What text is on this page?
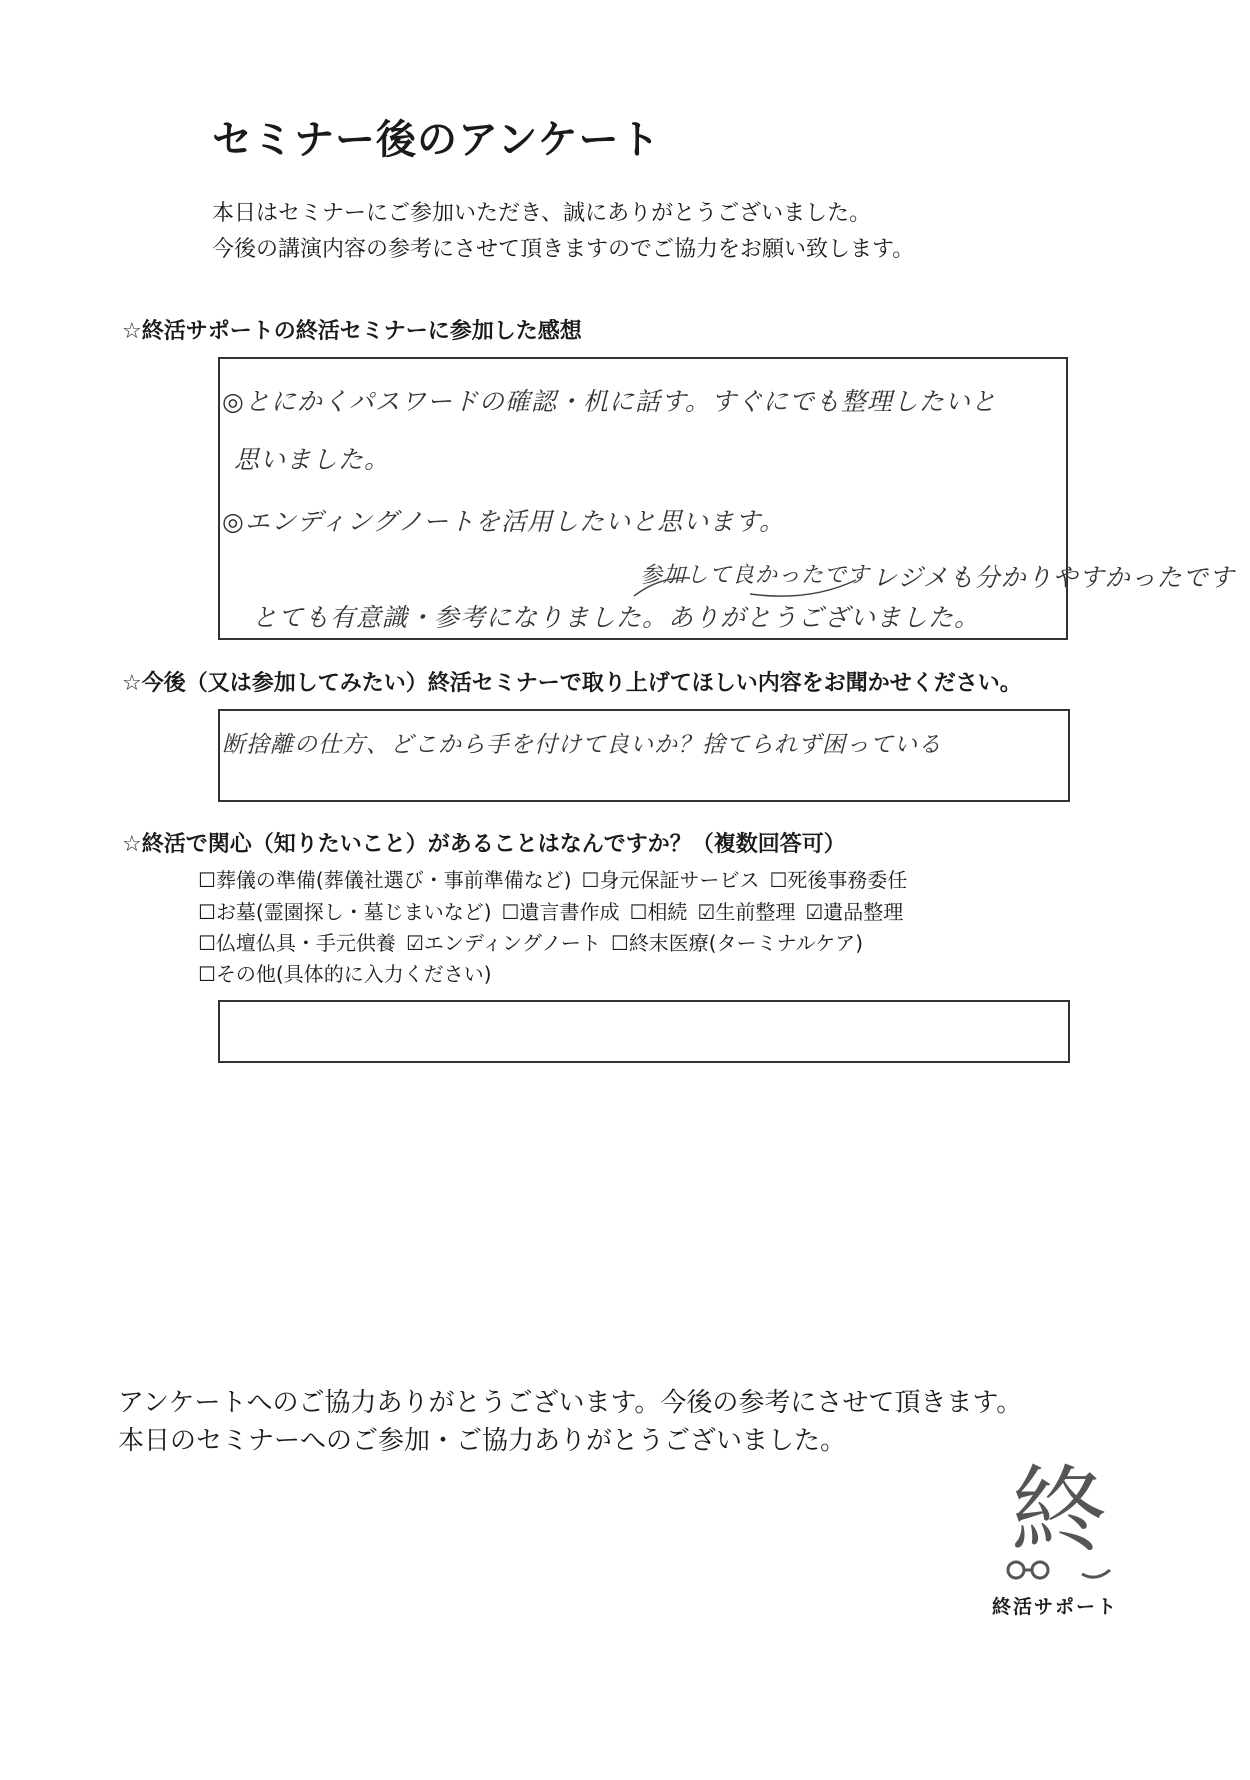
セミナー後のアンケート
本日はセミナーにご参加いただき、誠にありがとうございました。
今後の講演内容の参考にさせて頂きますのでご協力をお願い致します。
☆終活サポートの終活セミナーに参加した感想
◎とにかくパスワードの確認・机に話す。すぐにでも整理したいと
思いました。
◎エンディングノートを活用したいと思います。
参加して良かったです レジメも分かりやすかったです
とても有意識・参考になりました。ありがとうございました。
☆今後（又は参加してみたい）終活セミナーで取り上げてほしい内容をお聞かせください。
断捨離の仕方、どこから手を付けて良いか？捨てられず困っている
☆終活で関心（知りたいこと）があることはなんですか？（複数回答可）
☐葬儀の準備(葬儀社選び・事前準備など) ☐身元保証サービス ☐死後事務委任
☐お墓(霊園探し・墓じまいなど) ☐遺言書作成 ☐相続 ☑生前整理 ☑遺品整理
☐仏壇仏具・手元供養 ☑エンディングノート ☐終末医療(ターミナルケア)
☐その他(具体的に入力ください)
アンケートへのご協力ありがとうございます。今後の参考にさせて頂きます。
本日のセミナーへのご参加・ご協力ありがとうございました。
終
終活サポート
